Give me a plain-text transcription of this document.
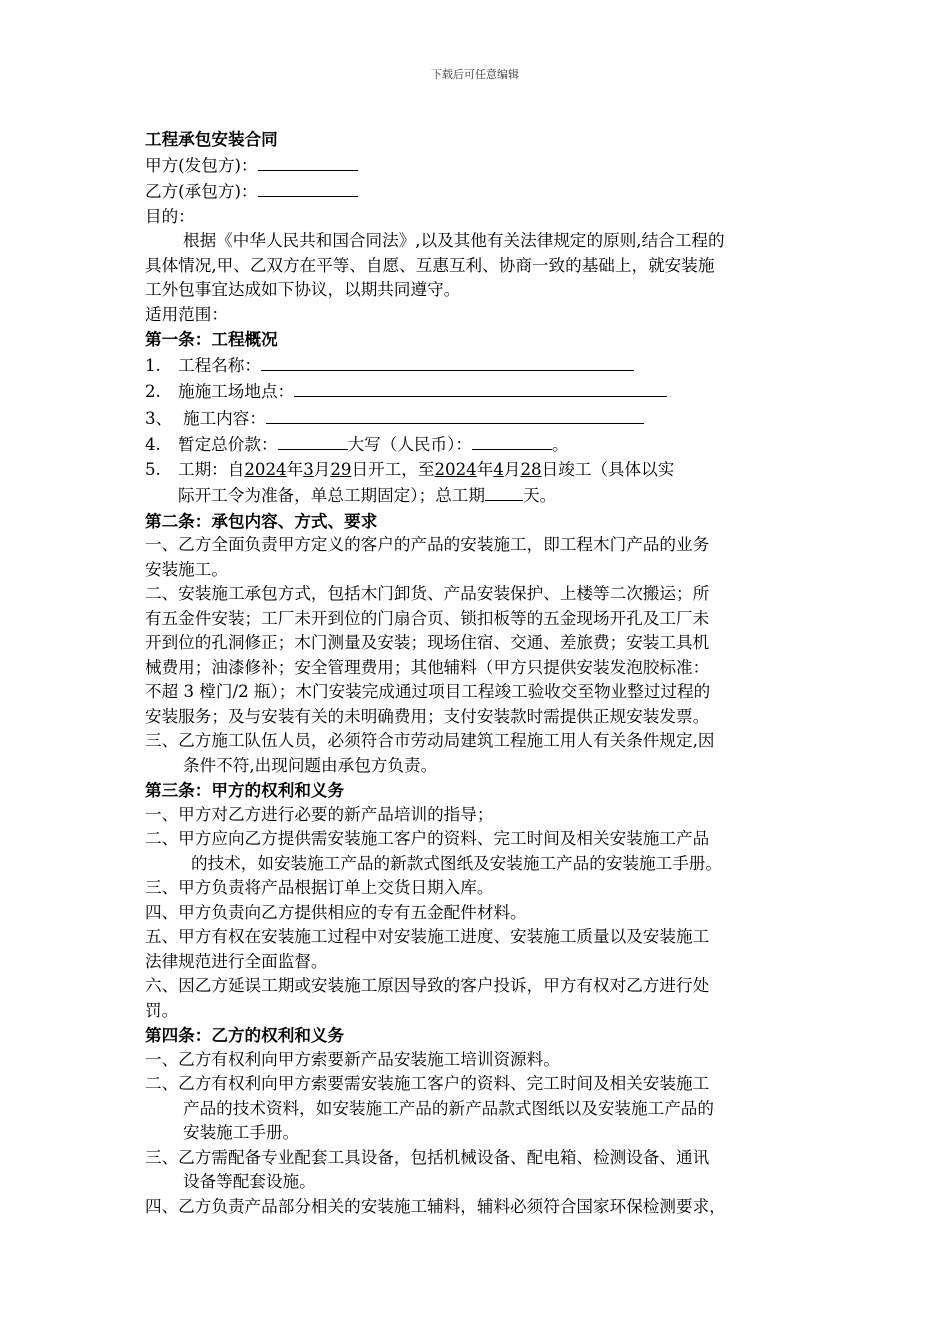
下载后可任意编辑

工程承包安装合同

甲方(发包方)：

乙方(承包方)：

目的：

根据《中华人民共和国合同法》,以及其他有关法律规定的原则,结合工程的

具体情况,甲、乙双方在平等、自愿、互惠互利、协商一致的基础上，就安装施

工外包事宜达成如下协议，以期共同遵守。

适用范围：

第一条：工程概况

1. 工程名称：

2. 施施工场地点：

3、 施工内容：

4. 暂定总价款：	大写（人民币）：	。

5. 工期：自2024年3月29日开工，至2024年4月28日竣工（具体以实

际开工令为准备，单总工期固定）；总工期 天。

第二条：承包内容、方式、要求

一、乙方全面负责甲方定义的客户的产品的安装施工，即工程木门产品的业务

安装施工。

二、安装施工承包方式，包括木门卸货、产品安装保护、上楼等二次搬运；所

有五金件安装；工厂未开到位的门扇合页、锁扣板等的五金现场开孔及工厂未

开到位的孔洞修正；木门测量及安装；现场住宿、交通、差旅费；安装工具机

械费用；油漆修补；安全管理费用；其他辅料（甲方只提供安装发泡胶标准：

不超 3 樘门/2 瓶）；木门安装完成通过项目工程竣工验收交至物业整过过程的

安装服务；及与安装有关的未明确费用；支付安装款时需提供正规安装发票。

三、乙方施工队伍人员，必须符合市劳动局建筑工程施工用人有关条件规定,因

条件不符,出现问题由承包方负责。

第三条：甲方的权利和义务

一、甲方对乙方进行必要的新产品培训的指导；

二、甲方应向乙方提供需安装施工客户的资料、完工时间及相关安装施工产品

的技术，如安装施工产品的新款式图纸及安装施工产品的安装施工手册。

三、甲方负责将产品根据订单上交货日期入库。

四、甲方负责向乙方提供相应的专有五金配件材料。

五、甲方有权在安装施工过程中对安装施工进度、安装施工质量以及安装施工

法律规范进行全面监督。

六、因乙方延误工期或安装施工原因导致的客户投诉，甲方有权对乙方进行处

罚。

第四条：乙方的权利和义务

一、乙方有权利向甲方索要新产品安装施工培训资源料。

二、乙方有权利向甲方索要需安装施工客户的资料、完工时间及相关安装施工

产品的技术资料，如安装施工产品的新产品款式图纸以及安装施工产品的

安装施工手册。

三、乙方需配备专业配套工具设备，包括机械设备、配电箱、检测设备、通讯

设备等配套设施。

四、乙方负责产品部分相关的安装施工辅料，辅料必须符合国家环保检测要求，
